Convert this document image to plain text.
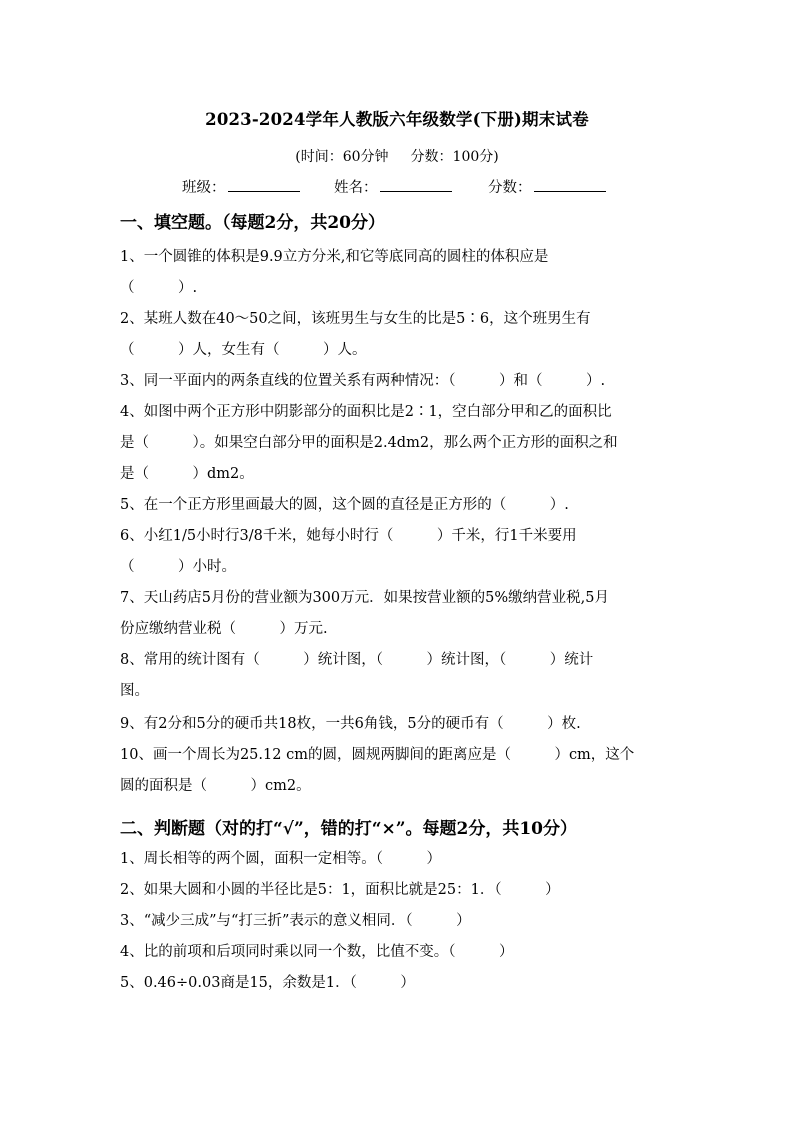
2023-2024学年人教版六年级数学(下册)期末试卷
(时间：60分钟 分数：100分)
班级：	姓名：	分数：
一、填空题。（每题2分，共20分）
1、一个圆锥的体积是9.9立方分米,和它等底同高的圆柱的体积应是
（　　　）.
2、某班人数在40～50之间，该班男生与女生的比是5∶6，这个班男生有
（　　　）人，女生有（　　　）人。
3、同一平面内的两条直线的位置关系有两种情况：（　　　）和（　　　）.
4、如图中两个正方形中阴影部分的面积比是2∶1，空白部分甲和乙的面积比
是（　　　）。如果空白部分甲的面积是2.4dm2，那么两个正方形的面积之和
是（　　　）dm2。
5、在一个正方形里画最大的圆，这个圆的直径是正方形的（　　　）.
6、小红1/5小时行3/8千米，她每小时行（　　　）千米，行1千米要用
（　　　）小时。
7、天山药店5月份的营业额为300万元．如果按营业额的5%缴纳营业税,5月
份应缴纳营业税（　　　）万元.
8、常用的统计图有（　　　）统计图，（　　　）统计图，（　　　）统计
图。
9、有2分和5分的硬币共18枚，一共6角钱，5分的硬币有（　　　）枚.
10、画一个周长为25.12 cm的圆，圆规两脚间的距离应是（　　　）cm，这个
圆的面积是（　　　）cm2。
二、判断题（对的打“√”，错的打“×”。每题2分，共10分）
1、周长相等的两个圆，面积一定相等。（　　　）
2、如果大圆和小圆的半径比是5：1，面积比就是25：1．（　　　）
3、“减少三成”与“打三折”表示的意义相同．（　　　）
4、比的前项和后项同时乘以同一个数，比值不变。（　　　）
5、0.46÷0.03商是15，余数是1．（　　　）
